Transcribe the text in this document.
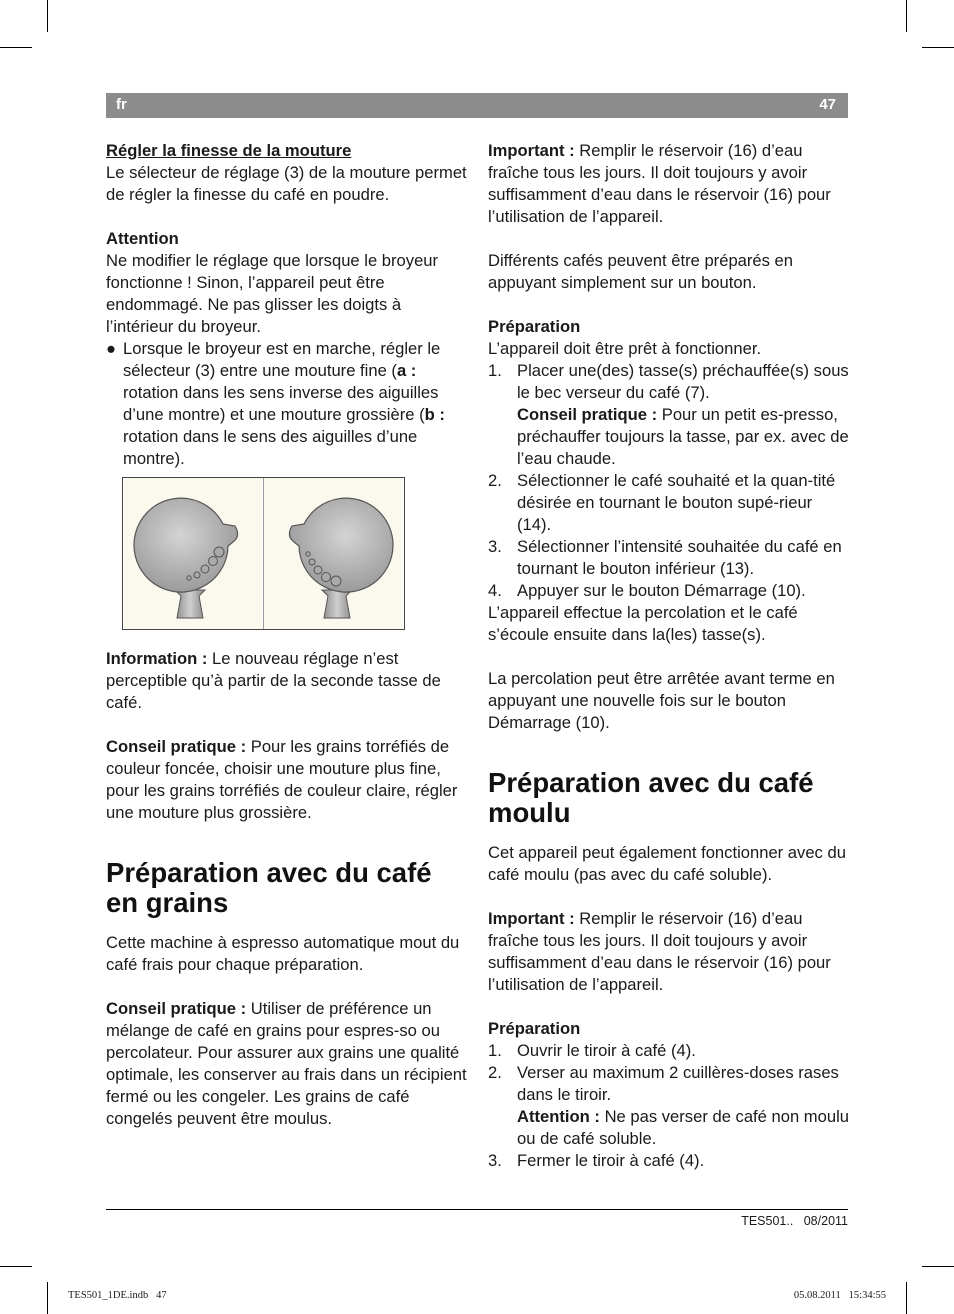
fr	47

Régler la finesse de la mouture

Le sélecteur de réglage (3) de la mouture permet de régler la finesse du café en poudre.

Attention

Ne modifier le réglage que lorsque le broyeur fonctionne ! Sinon, l’appareil peut être endommagé. Ne pas glisser les doigts à l’intérieur du broyeur.

● Lorsque le broyeur est en marche, régler le sélecteur (3) entre une mouture fine (a : rotation dans les sens inverse des aiguilles d’une montre) et une mouture grossière (b : rotation dans le sens des aiguilles d’une montre).

Information : Le nouveau réglage n’est perceptible qu’à partir de la seconde tasse de café.

Conseil pratique : Pour les grains torréfiés de couleur foncée, choisir une mouture plus fine, pour les grains torréfiés de couleur claire, régler une mouture plus grossière.

Préparation avec du café
en grains

Cette machine à espresso automatique mout du café frais pour chaque préparation.

Conseil pratique : Utiliser de préférence un mélange de café en grains pour espres-so ou percolateur. Pour assurer aux grains une qualité optimale, les conserver au frais dans un récipient fermé ou les congeler. Les grains de café congelés peuvent être moulus.

Important : Remplir le réservoir (16) d’eau fraîche tous les jours. Il doit toujours y avoir suffisamment d’eau dans le réservoir (16) pour l’utilisation de l’appareil.

Différents cafés peuvent être préparés en appuyant simplement sur un bouton.

Préparation

L’appareil doit être prêt à fonctionner.

1. Placer une(des) tasse(s) préchauffée(s) sous le bec verseur du café (7).
Conseil pratique : Pour un petit es-presso, préchauffer toujours la tasse, par ex. avec de l’eau chaude.
2. Sélectionner le café souhaité et la quan-tité désirée en tournant le bouton supé-rieur (14).
3. Sélectionner l’intensité souhaitée du café en tournant le bouton inférieur (13).
4. Appuyer sur le bouton Démarrage (10).

L’appareil effectue la percolation et le café s’écoule ensuite dans la(les) tasse(s).

La percolation peut être arrêtée avant terme en appuyant une nouvelle fois sur le bouton Démarrage (10).

Préparation avec du café
moulu

Cet appareil peut également fonctionner avec du café moulu (pas avec du café soluble).

Important : Remplir le réservoir (16) d’eau fraîche tous les jours. Il doit toujours y avoir suffisamment d’eau dans le réservoir (16) pour l’utilisation de l’appareil.

Préparation

1. Ouvrir le tiroir à café (4).
2. Verser au maximum 2 cuillères-doses rases dans le tiroir.
Attention : Ne pas verser de café non moulu ou de café soluble.
3. Fermer le tiroir à café (4).
TES501.. 08/2011
TES501_1DE.indb   47	05.08.2011   15:34:55
